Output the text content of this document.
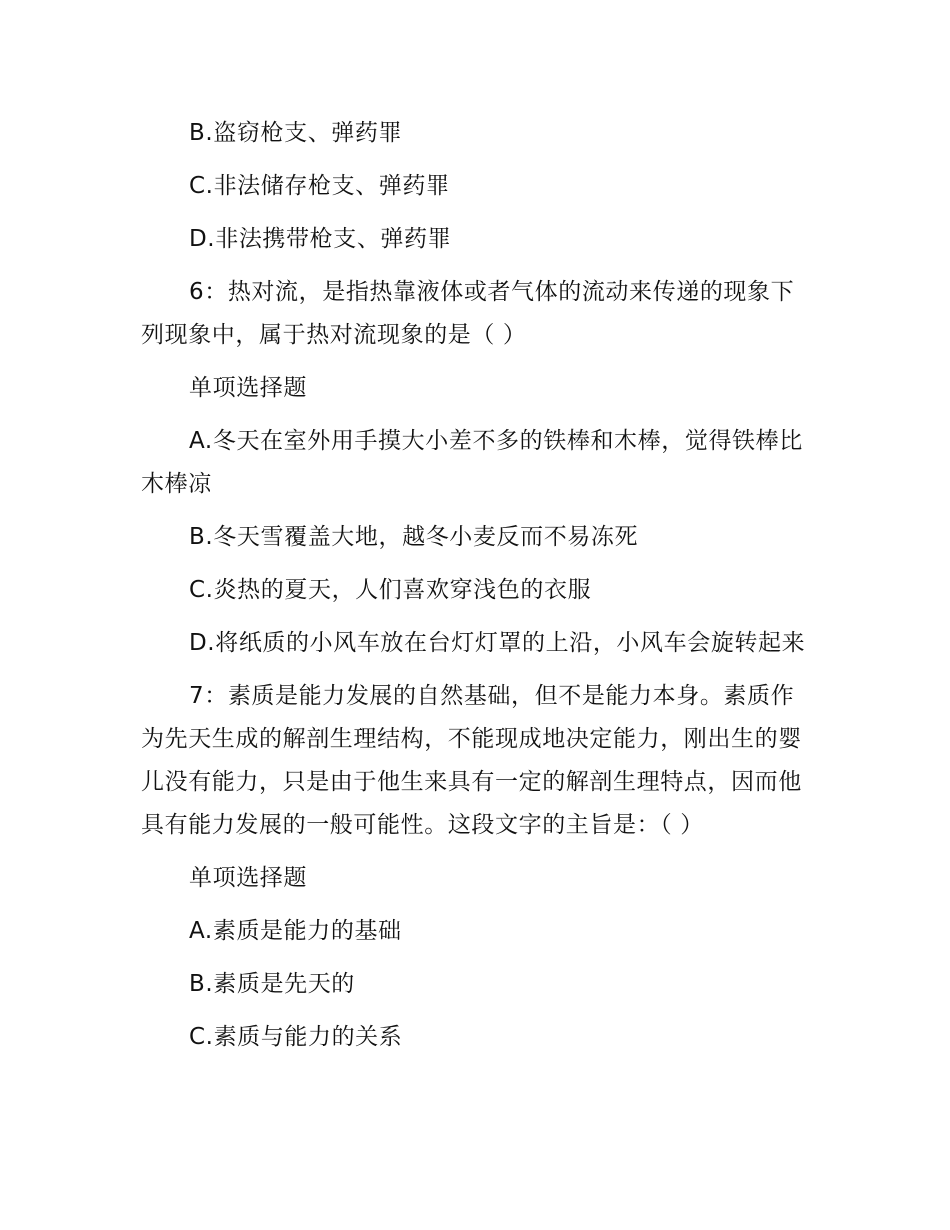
B.盗窃枪支、弹药罪

C.非法储存枪支、弹药罪

D.非法携带枪支、弹药罪

6：热对流，是指热靠液体或者气体的流动来传递的现象下列现象中，属于热对流现象的是（ ）

单项选择题

A.冬天在室外用手摸大小差不多的铁棒和木棒，觉得铁棒比木棒凉

B.冬天雪覆盖大地，越冬小麦反而不易冻死

C.炎热的夏天，人们喜欢穿浅色的衣服

D.将纸质的小风车放在台灯灯罩的上沿，小风车会旋转起来

7：素质是能力发展的自然基础，但不是能力本身。素质作为先天生成的解剖生理结构，不能现成地决定能力，刚出生的婴儿没有能力，只是由于他生来具有一定的解剖生理特点，因而他具有能力发展的一般可能性。这段文字的主旨是：（ ）

单项选择题

A.素质是能力的基础

B.素质是先天的

C.素质与能力的关系
